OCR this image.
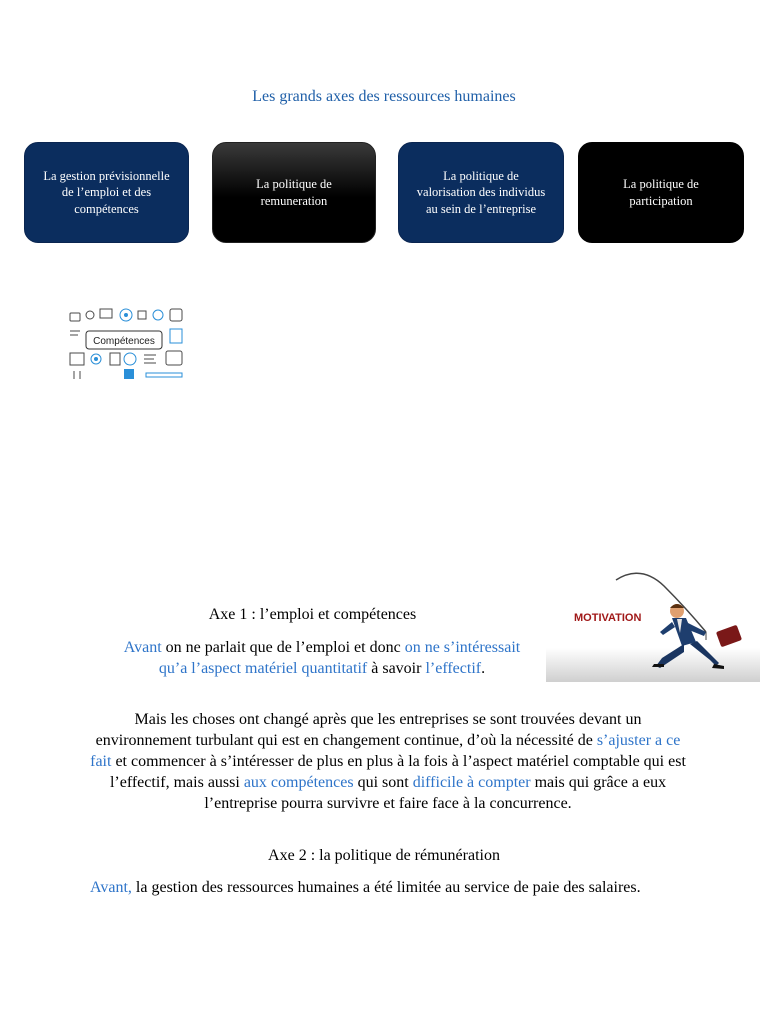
Les grands axes des ressources humaines
La gestion prévisionnelle de l’emploi et des compétences
La politique de remuneration
La politique de valorisation des individus au sein de l’entreprise
La politique de participation
Compétences
MOTIVATION
Axe 1 : l’emploi et compétences
Avant on ne parlait que de l’emploi et donc on ne s’intéressait qu’a l’aspect matériel quantitatif à savoir l’effectif.
Mais les choses ont changé après que les entreprises se sont trouvées devant un environnement turbulant qui est en changement continue, d’où la nécessité de s’ajuster a ce fait et commencer à s’intéresser de plus en plus à la fois à l’aspect matériel comptable qui est l’effectif, mais aussi aux compétences qui sont difficile à compter mais qui grâce a eux l’entreprise pourra survivre et faire face à la concurrence.
Axe 2 : la politique de rémunération
Avant, la gestion des ressources humaines a été limitée au service de paie des salaires.
